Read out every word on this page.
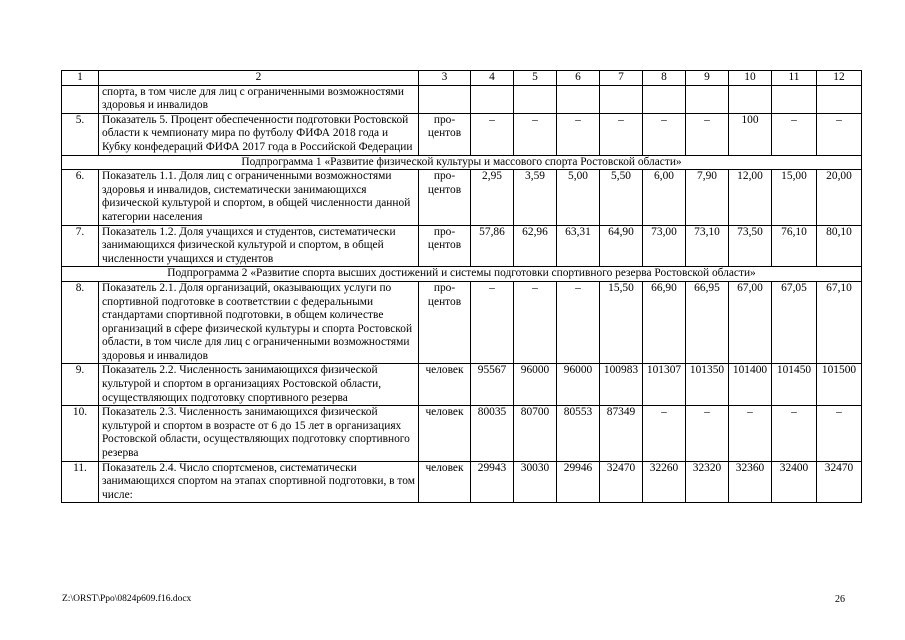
1	2	3	4	5	6	7	8	9	10	11	12
	спорта, в том числе для лиц с ограниченными возможностями здоровья и инвалидов										
5.	Показатель 5. Процент обеспеченности подготовки Ростовской области к чемпионату мира по футболу ФИФА 2018 года и Кубку конфедераций ФИФА 2017 года в Российской Федерации	процентов	–	–	–	–	–	–	100	–	–
Подпрограмма 1 «Развитие физической культуры и массового спорта Ростовской области»											
6.	Показатель 1.1. Доля лиц с ограниченными возможностями здоровья и инвалидов, систематически занимающихся физической культурой и спортом, в общей численности данной категории населения	процентов	2,95	3,59	5,00	5,50	6,00	7,90	12,00	15,00	20,00
7.	Показатель 1.2. Доля учащихся и студентов, систематически занимающихся физической культурой и спортом, в общей численности учащихся и студентов	процентов	57,86	62,96	63,31	64,90	73,00	73,10	73,50	76,10	80,10
Подпрограмма 2 «Развитие спорта высших достижений и системы подготовки спортивного резерва Ростовской области»											
8.	Показатель 2.1. Доля организаций, оказывающих услуги по спортивной подготовке в соответствии с федеральными стандартами спортивной подготовки, в общем количестве организаций в сфере физической культуры и спорта Ростовской области, в том числе для лиц с ограниченными возможностями здоровья и инвалидов	процентов	–	–	–	15,50	66,90	66,95	67,00	67,05	67,10
9.	Показатель 2.2. Численность занимающихся физической культурой и спортом в организациях Ростовской области, осуществляющих подготовку спортивного резерва	человек	95567	96000	96000	100983	101307	101350	101400	101450	101500
10.	Показатель 2.3. Численность занимающихся физической культурой и спортом в возрасте от 6 до 15 лет в организациях Ростовской области, осуществляющих подготовку спортивного резерва	человек	80035	80700	80553	87349	–	–	–	–	–
11.	Показатель 2.4. Число спортсменов, систематически занимающихся спортом на этапах спортивной подготовки, в том числе:	человек	29943	30030	29946	32470	32260	32320	32360	32400	32470
Z:\ORST\Ppo\0824p609.f16.docx	26
